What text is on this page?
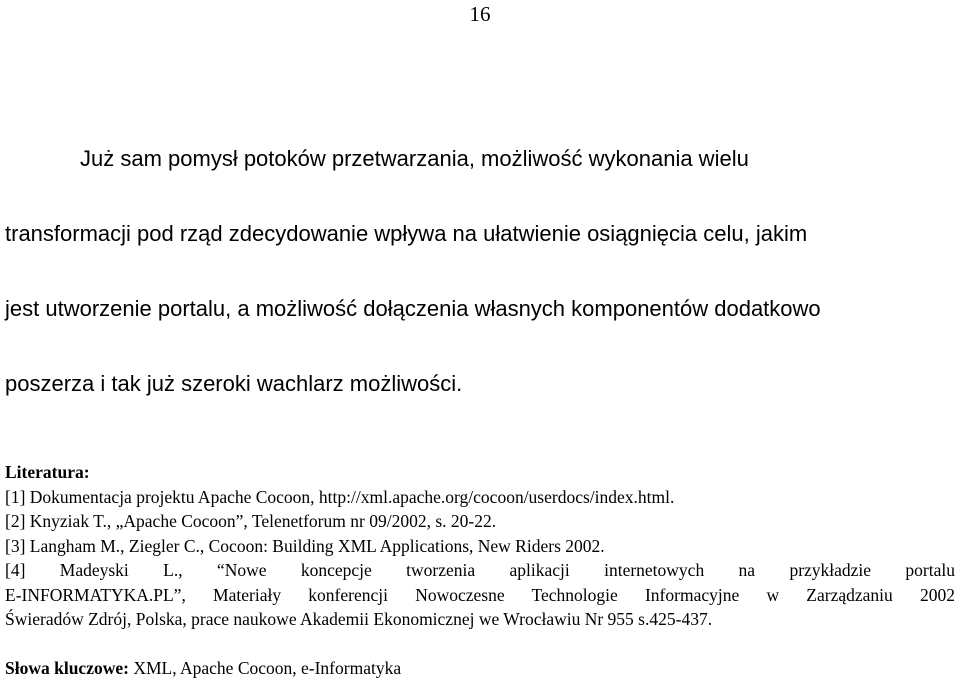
16
Już sam pomysł potoków przetwarzania, możliwość wykonania wielu
transformacji pod rząd zdecydowanie wpływa na ułatwienie osiągnięcia celu, jakim
jest utworzenie portalu, a możliwość dołączenia własnych komponentów dodatkowo
poszerza i tak już szeroki wachlarz możliwości.
Literatura:
[1] Dokumentacja projektu Apache Cocoon, http://xml.apache.org/cocoon/userdocs/index.html.
[2] Knyziak T., „Apache Cocoon”, Telenetforum nr 09/2002, s. 20-22.
[3] Langham M., Ziegler C., Cocoon: Building XML Applications, New Riders 2002.
[4] Madeyski L., “Nowe koncepcje tworzenia aplikacji internetowych na przykładzie portalu
E-INFORMATYKA.PL”, Materiały konferencji Nowoczesne Technologie Informacyjne w Zarządzaniu 2002
Świeradów Zdrój, Polska, prace naukowe Akademii Ekonomicznej we Wrocławiu Nr 955 s.425-437.
Słowa kluczowe: XML, Apache Cocoon, e-Informatyka
